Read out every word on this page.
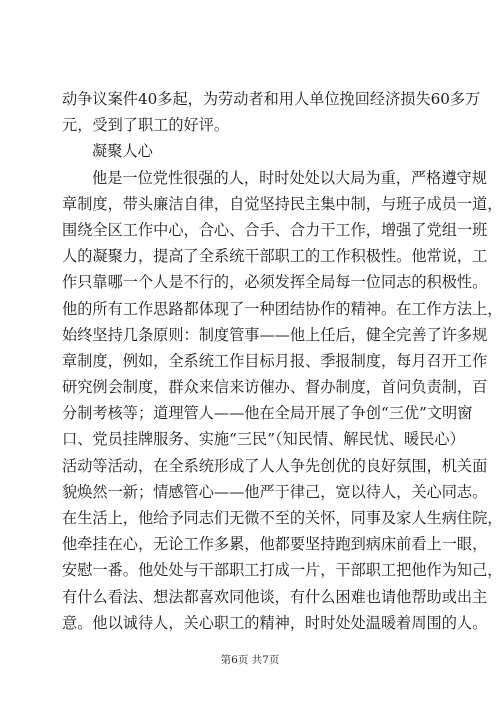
动争议案件40多起，为劳动者和用人单位挽回经济损失60多万
元，受到了职工的好评。
凝聚人心
他是一位党性很强的人，时时处处以大局为重，严格遵守规
章制度，带头廉洁自律，自觉坚持民主集中制，与班子成员一道，
围绕全区工作中心，合心、合手、合力干工作，增强了党组一班
人的凝聚力，提高了全系统干部职工的工作积极性。他常说，工
作只靠哪一个人是不行的，必须发挥全局每一位同志的积极性。
他的所有工作思路都体现了一种团结协作的精神。在工作方法上，
始终坚持几条原则：制度管事——他上任后，健全完善了许多规
章制度，例如，全系统工作目标月报、季报制度，每月召开工作
研究例会制度，群众来信来访催办、督办制度，首问负责制，百
分制考核等；道理管人——他在全局开展了争创“三优”文明窗
口、党员挂牌服务、实施“三民”（知民情、解民忧、暖民心）
活动等活动，在全系统形成了人人争先创优的良好氛围，机关面
貌焕然一新；情感管心——他严于律己，宽以待人，关心同志。
在生活上，他给予同志们无微不至的关怀，同事及家人生病住院，
他牵挂在心，无论工作多累，他都要坚持跑到病床前看上一眼，
安慰一番。他处处与干部职工打成一片，干部职工把他作为知己，
有什么看法、想法都喜欢同他谈，有什么困难也请他帮助或出主
意。他以诚待人，关心职工的精神，时时处处温暖着周围的人。
第6页 共7页
